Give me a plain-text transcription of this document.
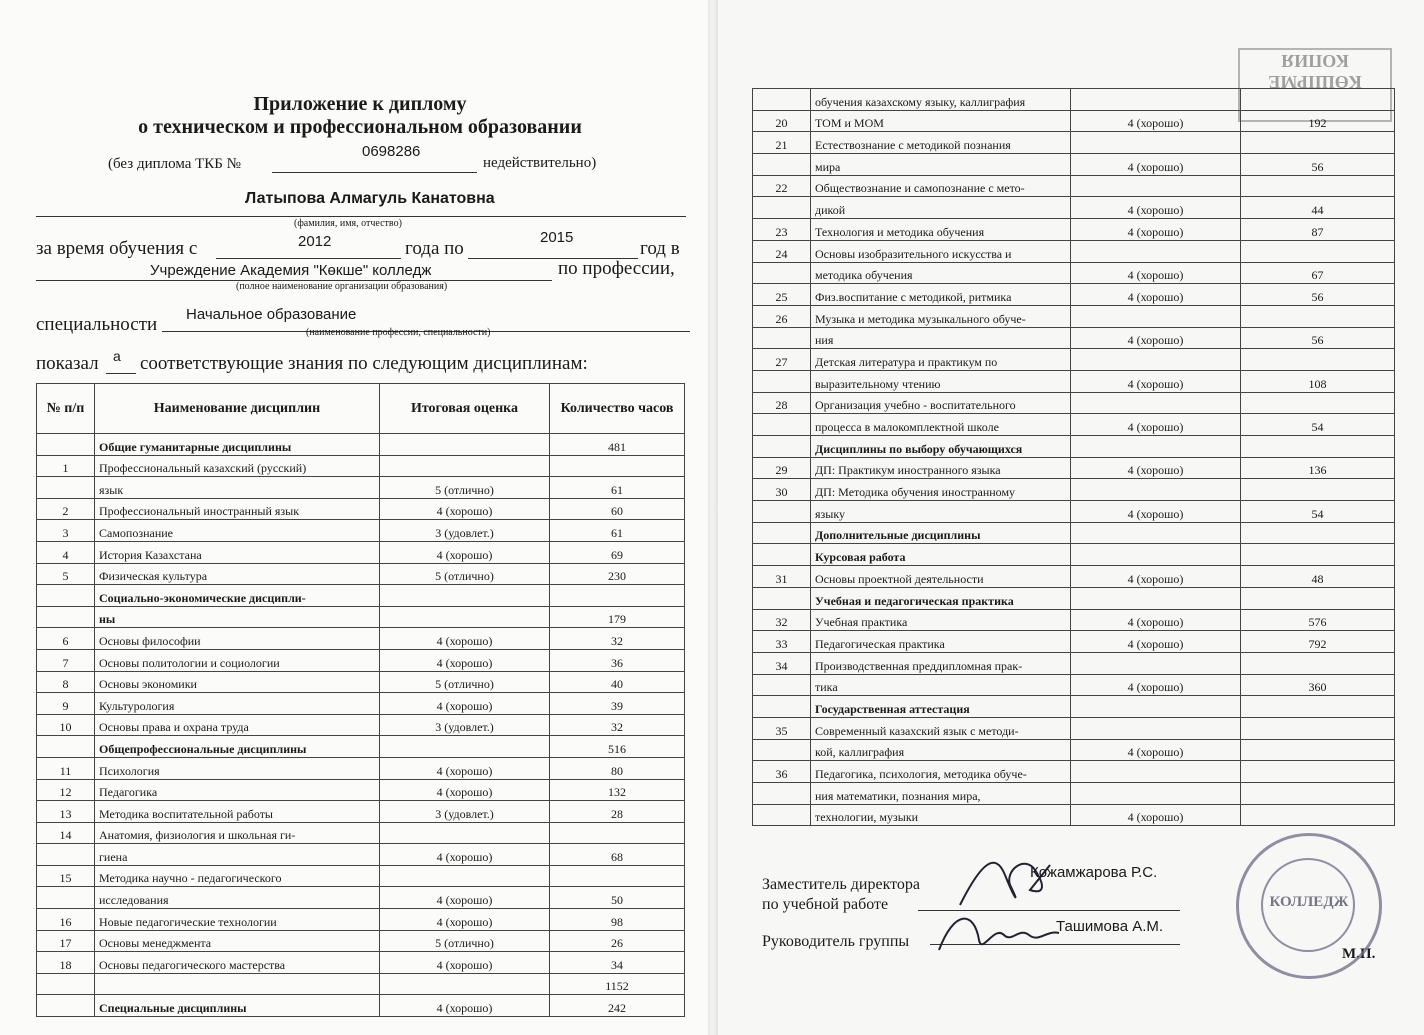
Приложение к диплому
о техническом и профессиональном образовании
(без диплома ТКБ №
0698286
недействительно)
Латыпова Алмагуль Канатовна
(фамилия, имя, отчество)
за время обучения с	2012	года по
2015
год в
Учреждение Академия "Көкше" колледж	по профессии,
(полное наименование организации образования)
специальности Начальное образование
(наименование профессии, специальности)
показал а соответствующие знания по следующим дисциплинам:
№ п/п	Наименование дисциплин	Итоговая оценка	Количество часов
	Общие гуманитарные дисциплины		481
1	Профессиональный казахский (русский)		
	язык	5 (отлично)	61
2	Профессиональный иностранный язык	4 (хорошо)	60
3	Самопознание	3 (удовлет.)	61
4	История Казахстана	4 (хорошо)	69
5	Физическая культура	5 (отлично)	230
	Социально-экономические дисципли-		
	ны		179
6	Основы философии	4 (хорошо)	32
7	Основы политологии и социологии	4 (хорошо)	36
8	Основы экономики	5 (отлично)	40
9	Культурология	4 (хорошо)	39
10	Основы права и охрана труда	3 (удовлет.)	32
	Общепрофессиональные дисциплины		516
11	Психология	4 (хорошо)	80
12	Педагогика	4 (хорошо)	132
13	Методика воспитательной работы	3 (удовлет.)	28
14	Анатомия, физиология и школьная ги-		
	гиена	4 (хорошо)	68
15	Методика научно - педагогического		
	исследования	4 (хорошо)	50
16	Новые педагогические технологии	4 (хорошо)	98
17	Основы менеджмента	5 (отлично)	26
18	Основы педагогического мастерства	4 (хорошо)	34
			1152
	Специальные дисциплины	4 (хорошо)	242
КӨШІРМЕ КОПИЯ
	обучения казахскому языку, каллиграфия		
20	ТОМ и МОМ	4 (хорошо)	192
21	Естествознание с методикой познания		
	мира	4 (хорошо)	56
22	Обществознание и самопознание с мето-		
	дикой	4 (хорошо)	44
23	Технология и методика обучения	4 (хорошо)	87
24	Основы изобразительного искусства и		
	методика обучения	4 (хорошо)	67
25	Физ.воспитание с методикой, ритмика	4 (хорошо)	56
26	Музыка и методика музыкального обуче-		
	ния	4 (хорошо)	56
27	Детская литература и практикум по		
	выразительному чтению	4 (хорошо)	108
28	Организация учебно - воспитательного		
	процесса в малокомплектной школе	4 (хорошо)	54
	Дисциплины по выбору обучающихся		
29	ДП: Практикум иностранного языка	4 (хорошо)	136
30	ДП: Методика обучения иностранному		
	языку	4 (хорошо)	54
	Дополнительные дисциплины		
	Курсовая работа		
31	Основы проектной деятельности	4 (хорошо)	48
	Учебная и педагогическая практика		
32	Учебная практика	4 (хорошо)	576
33	Педагогическая практика	4 (хорошо)	792
34	Производственная преддипломная прак-		
	тика	4 (хорошо)	360
	Государственная аттестация		
35	Современный казахский язык с методи-		
	кой, каллиграфия	4 (хорошо)	
36	Педагогика, психология, методика обуче-		
	ния математики, познания мира,		
	технологии, музыки	4 (хорошо)	
Заместитель директора
по учебной работе
Кожамжарова Р.С.
Руководитель группы
Ташимова А.М.
М.П.
КОЛЛЕДЖ
